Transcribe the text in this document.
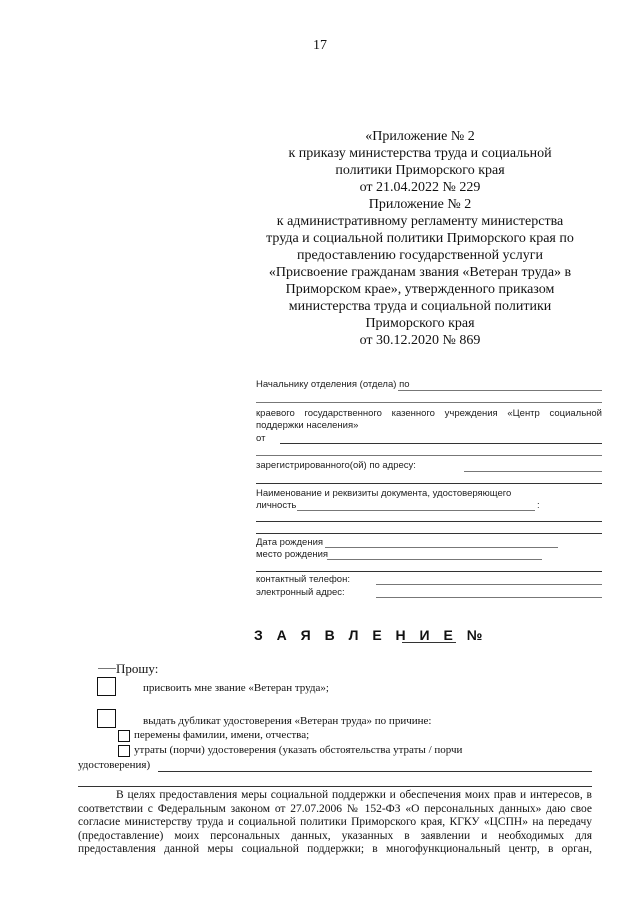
17
«Приложение № 2
к приказу министерства труда и социальной
политики Приморского края
от 21.04.2022 № 229
Приложение № 2
к административному регламенту министерства
труда и социальной политики Приморского края по
предоставлению государственной услуги
«Присвоение гражданам звания «Ветеран труда» в
Приморском крае», утвержденного приказом
министерства труда и социальной политики
Приморского края
от 30.12.2020 № 869
Начальнику отделения (отдела) по
краевого государственного казенного учреждения «Центр социальной
поддержки населения»
от
зарегистрированного(ой) по адресу:
Наименование и реквизиты документа, удостоверяющего
личность	:
Дата рождения
место рождения
контактный телефон:
электронный адрес:
З А Я В Л Е Н И Е №
Прошу:
присвоить мне звание «Ветеран труда»;
выдать дубликат удостоверения «Ветеран труда» по причине:
перемены фамилии, имени, отчества;
утраты (порчи) удостоверения (указать обстоятельства утраты / порчи
удостоверения)
В целях предоставления меры социальной поддержки и обеспечения моих прав и интересов, в
соответствии с Федеральным законом от 27.07.2006 № 152-ФЗ «О персональных данных» даю свое
согласие министерству труда и социальной политики Приморского края, КГКУ «ЦСПН» на передачу
(предоставление) моих персональных данных, указанных в заявлении и необходимых для
предоставления данной меры социальной поддержки; в многофункциональный центр, в орган,
